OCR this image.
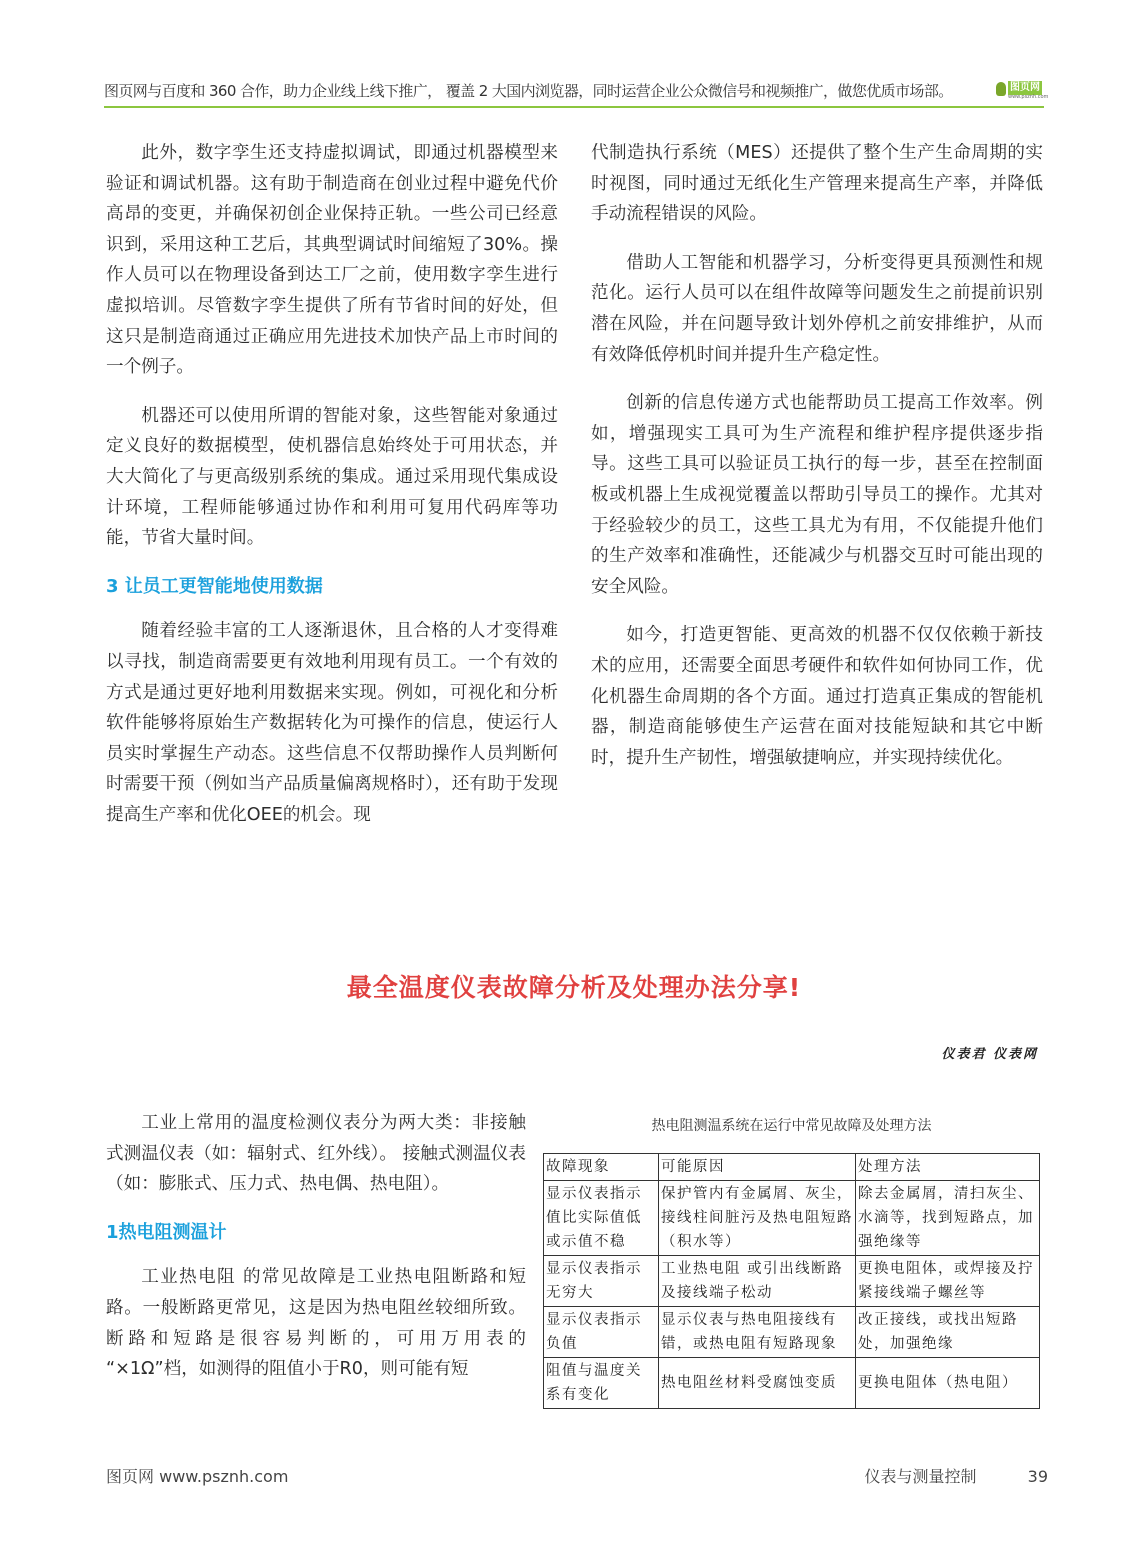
图页网与百度和 360 合作，助力企业线上线下推广， 覆盖 2 大国内浏览器，同时运营企业公众微信号和视频推广，做您优质市场部。	图页网
www.psznh.com

此外，数字孪生还支持虚拟调试，即通过机器模型来验证和调试机器。这有助于制造商在创业过程中避免代价高昂的变更，并确保初创企业保持正轨。一些公司已经意识到，采用这种工艺后，其典型调试时间缩短了30%。操作人员可以在物理设备到达工厂之前，使用数字孪生进行虚拟培训。尽管数字孪生提供了所有节省时间的好处，但这只是制造商通过正确应用先进技术加快产品上市时间的一个例子。

机器还可以使用所谓的智能对象，这些智能对象通过定义良好的数据模型，使机器信息始终处于可用状态，并大大简化了与更高级别系统的集成。通过采用现代集成设计环境，工程师能够通过协作和利用可复用代码库等功能，节省大量时间。

3 让员工更智能地使用数据

随着经验丰富的工人逐渐退休，且合格的人才变得难以寻找，制造商需要更有效地利用现有员工。一个有效的方式是通过更好地利用数据来实现。例如，可视化和分析软件能够将原始生产数据转化为可操作的信息，使运行人员实时掌握生产动态。这些信息不仅帮助操作人员判断何时需要干预（例如当产品质量偏离规格时），还有助于发现提高生产率和优化OEE的机会。现

代制造执行系统（MES）还提供了整个生产生命周期的实时视图，同时通过无纸化生产管理来提高生产率，并降低手动流程错误的风险。

借助人工智能和机器学习，分析变得更具预测性和规范化。运行人员可以在组件故障等问题发生之前提前识别潜在风险，并在问题导致计划外停机之前安排维护，从而有效降低停机时间并提升生产稳定性。

创新的信息传递方式也能帮助员工提高工作效率。例如，增强现实工具可为生产流程和维护程序提供逐步指导。这些工具可以验证员工执行的每一步，甚至在控制面板或机器上生成视觉覆盖以帮助引导员工的操作。尤其对于经验较少的员工，这些工具尤为有用，不仅能提升他们的生产效率和准确性，还能减少与机器交互时可能出现的安全风险。

如今，打造更智能、更高效的机器不仅仅依赖于新技术的应用，还需要全面思考硬件和软件如何协同工作，优化机器生命周期的各个方面。通过打造真正集成的智能机器，制造商能够使生产运营在面对技能短缺和其它中断时，提升生产韧性，增强敏捷响应，并实现持续优化。

最全温度仪表故障分析及处理办法分享!
仪表君 仪表网

工业上常用的温度检测仪表分为两大类：非接触式测温仪表（如：辐射式、红外线）。 接触式测温仪表（如：膨胀式、压力式、热电偶、热电阻）。

1热电阻测温计

工业热电阻 的常见故障是工业热电阻断路和短路。一般断路更常见，这是因为热电阻丝较细所致。断路和短路是很容易判断的，可用万用表的 “×1Ω”档，如测得的阻值小于R0，则可能有短

热电阻测温系统在运行中常见故障及处理方法
故障现象	可能原因	处理方法
显示仪表指示值比实际值低或示值不稳	保护管内有金属屑、灰尘，接线柱间脏污及热电阻短路（积水等）	除去金属屑，清扫灰尘、水滴等，找到短路点，加强绝缘等
显示仪表指示无穷大	工业热电阻 或引出线断路及接线端子松动	更换电阻体，或焊接及拧紧接线端子螺丝等
显示仪表指示负值	显示仪表与热电阻接线有错，或热电阻有短路现象	改正接线，或找出短路处，加强绝缘
阻值与温度关系有变化	热电阻丝材料受腐蚀变质	更换电阻体（热电阻）
图页网 www.psznh.com	仪表与测量控制	39
